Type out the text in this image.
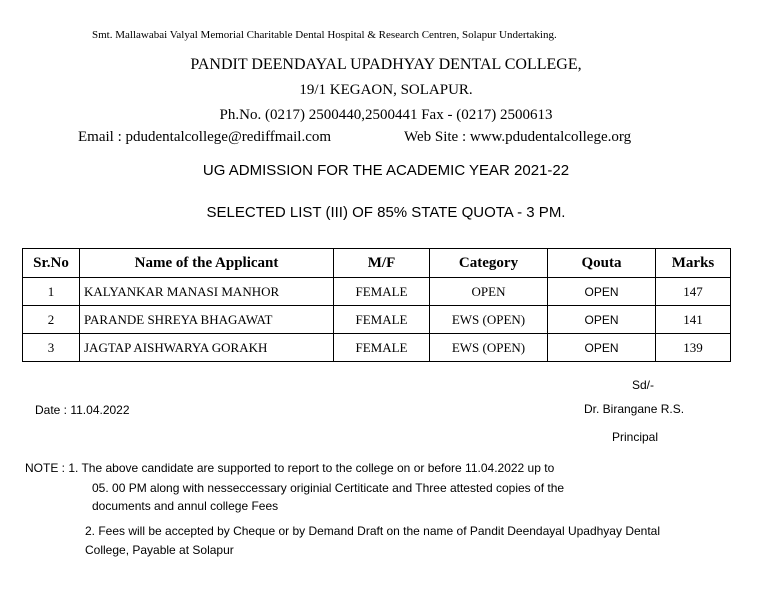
Smt. Mallawabai Valyal Memorial Charitable Dental Hospital & Research Centren, Solapur Undertaking.
PANDIT DEENDAYAL UPADHYAY DENTAL COLLEGE,
19/1 KEGAON, SOLAPUR.
Ph.No. (0217) 2500440,2500441 Fax - (0217) 2500613
Email : pdudentalcollege@rediffmail.com	Web Site : www.pdudentalcollege.org
UG ADMISSION FOR THE ACADEMIC YEAR 2021-22
SELECTED LIST (III) OF 85% STATE QUOTA - 3 PM.
Sr.No	Name of the Applicant	M/F	Category	Qouta	Marks
1	KALYANKAR MANASI MANHOR	FEMALE	OPEN	OPEN	147
2	PARANDE SHREYA BHAGAWAT	FEMALE	EWS (OPEN)	OPEN	141
3	JAGTAP AISHWARYA GORAKH	FEMALE	EWS (OPEN)	OPEN	139
Sd/-
Date : 11.04.2022	Dr. Birangane R.S.
Principal
NOTE : 1. The above candidate are supported to report to the college on or before 11.04.2022 up to
05. 00 PM along with nesseccessary originial Certiticate and Three attested copies of the
documents and annul college Fees
2. Fees will be accepted by Cheque or by Demand Draft on the name of Pandit Deendayal Upadhyay Dental
College, Payable at Solapur
